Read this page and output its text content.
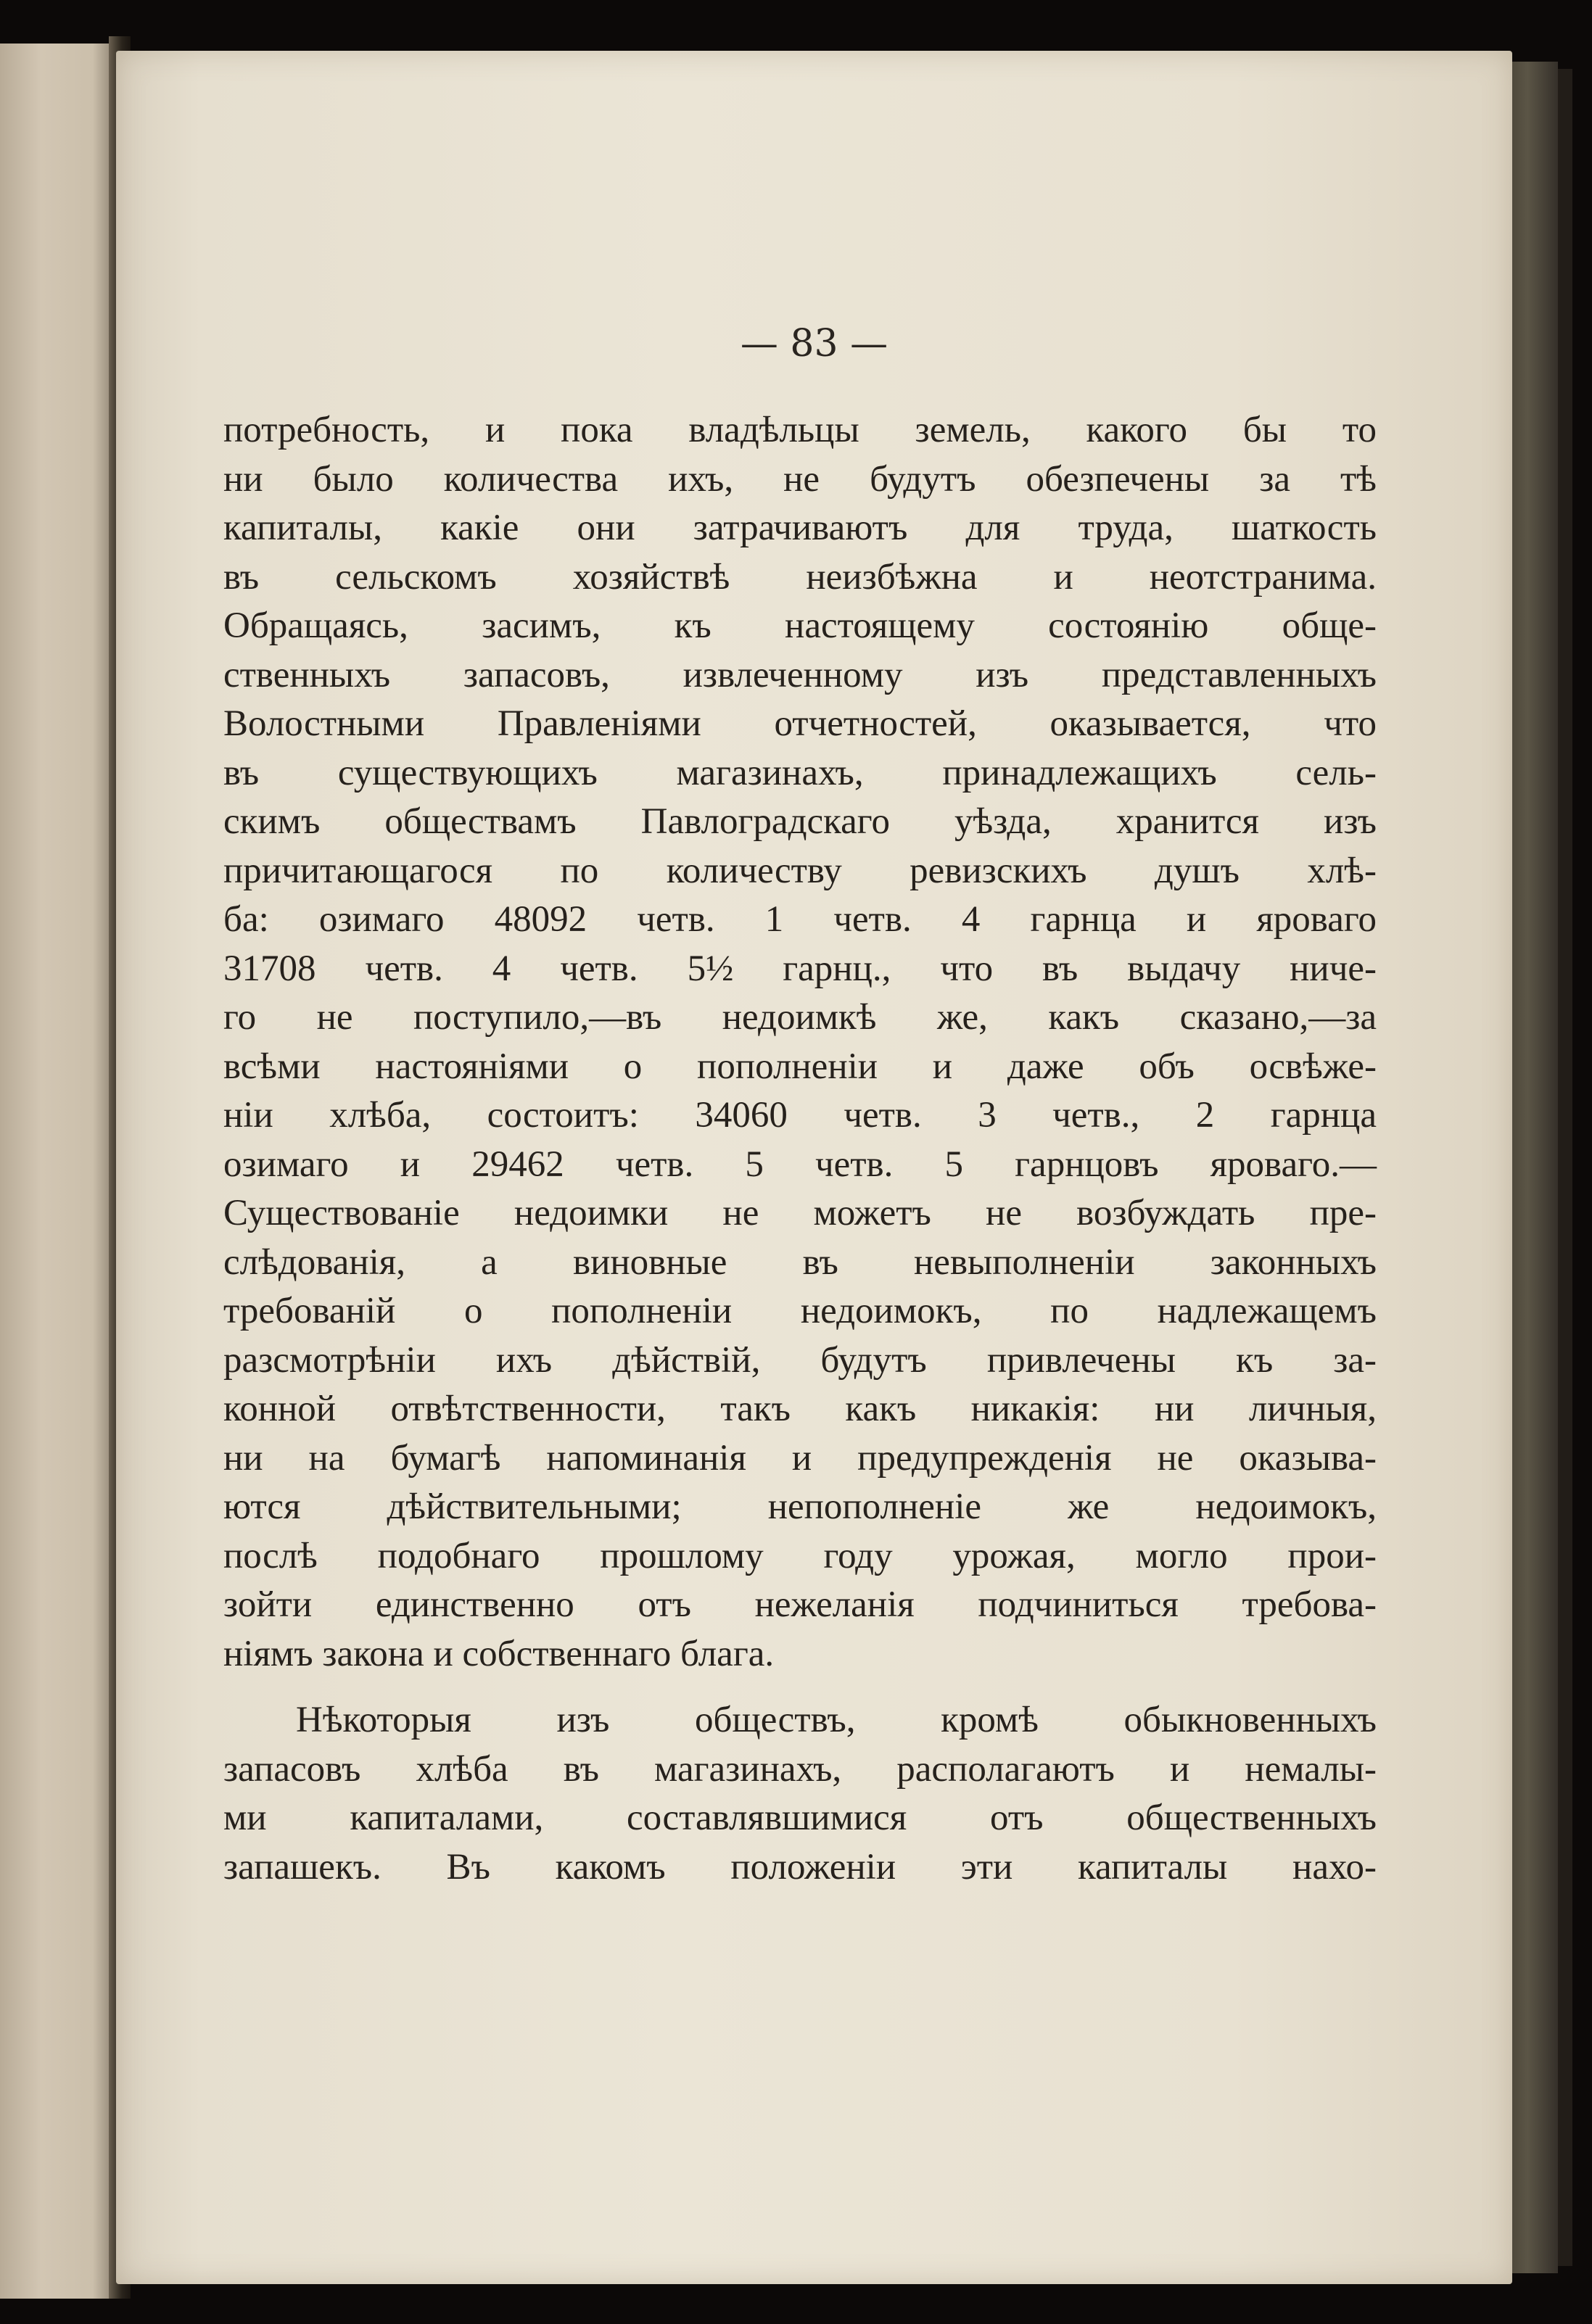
— 83 —
потребность, и пока владѣльцы земель, какого бы то
ни было количества ихъ, не будутъ обезпечены за тѣ
капиталы, какіе они затрачиваютъ для труда, шаткость
въ сельскомъ хозяйствѣ неизбѣжна и неотстранима.
Обращаясь, засимъ, къ настоящему состоянію обще-
ственныхъ запасовъ, извлеченному изъ представленныхъ
Волостными Правленіями отчетностей, оказывается, что
въ существующихъ магазинахъ, принадлежащихъ сель-
скимъ обществамъ Павлоградскаго уѣзда, хранится изъ
причитающагося по количеству ревизскихъ душъ хлѣ-
ба: озимаго 48092 четв. 1 четв. 4 гарнца и яроваго
31708 четв. 4 четв. 5½ гарнц., что въ выдачу ниче-
го не поступило,—въ недоимкѣ же, какъ сказано,—за
всѣми настояніями о пополненіи и даже объ освѣже-
ніи хлѣба, состоитъ: 34060 четв. 3 четв., 2 гарнца
озимаго и 29462 четв. 5 четв. 5 гарнцовъ яроваго.—
Существованіе недоимки не можетъ не возбуждать пре-
слѣдованія, а виновные въ невыполненіи законныхъ
требованій о пополненіи недоимокъ, по надлежащемъ
разсмотрѣніи ихъ дѣйствій, будутъ привлечены къ за-
конной отвѣтственности, такъ какъ никакія: ни личныя,
ни на бумагѣ напоминанія и предупрежденія не оказыва-
ются дѣйствительными; непополненіе же недоимокъ,
послѣ подобнаго прошлому году урожая, могло прои-
зойти единственно отъ нежеланія подчиниться требова-
ніямъ закона и собственнаго блага.
Нѣкоторыя изъ обществъ, кромѣ обыкновенныхъ
запасовъ хлѣба въ магазинахъ, располагаютъ и немалы-
ми капиталами, составлявшимися отъ общественныхъ
запашекъ. Въ какомъ положеніи эти капиталы нахо-
